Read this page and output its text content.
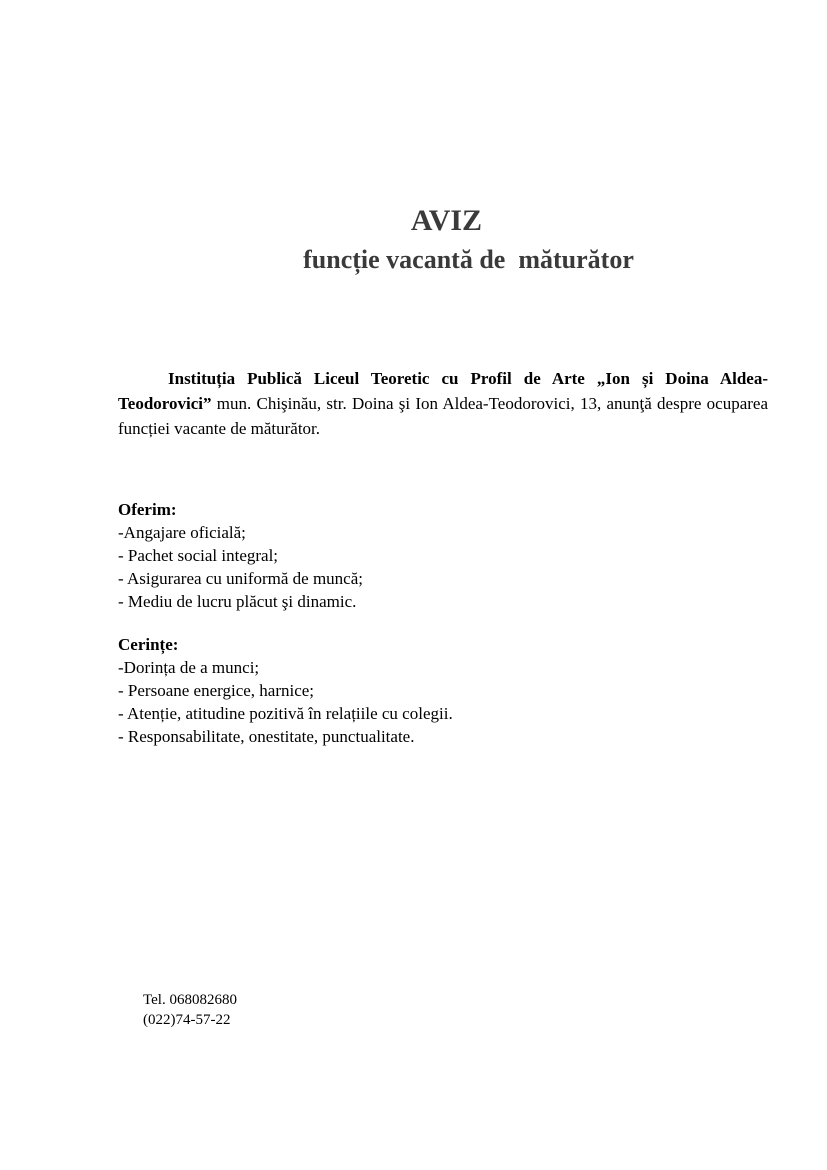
AVIZ
funcție vacantă de  măturător

Instituția Publică Liceul Teoretic cu Profil de Arte „Ion și Doina Aldea-Teodorovici” mun. Chişinău, str. Doina şi Ion Aldea-Teodorovici, 13, anunţă despre ocuparea funcției vacante de măturător.

Oferim:
-Angajare oficială;
- Pachet social integral;
- Asigurarea cu uniformă de muncă;
- Mediu de lucru plăcut şi dinamic.
Cerințe:
-Dorința de a munci;
- Persoane energice, harnice;
- Atenție, atitudine pozitivă în relațiile cu colegii.
- Responsabilitate, onestitate, punctualitate.
Tel. 068082680
(022)74-57-22
